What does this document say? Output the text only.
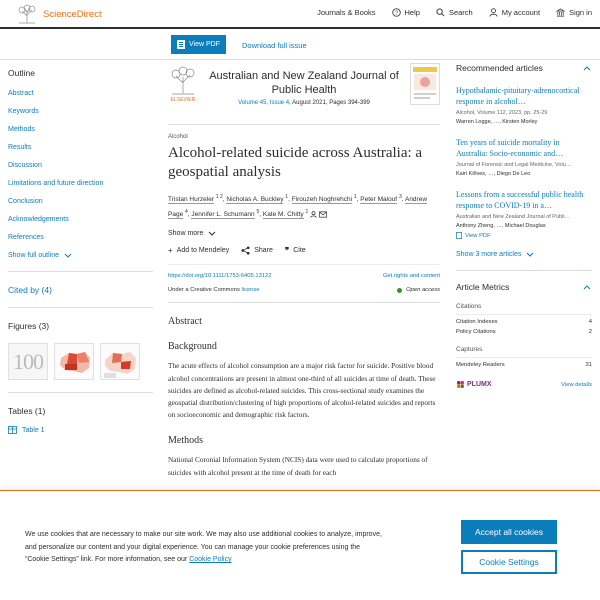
ScienceDirect	Journals & Books	? Help	Search	My account	Sign in
View PDF	Download full issue
Outline
Abstract
Keywords
Methods
Results
Discussion
Limitations and future direction
Conclusion
Acknowledgements
References
Show full outline
Cited by (4)
Figures (3)
100
Tables (1)
Table 1
ELSEVIER
Australian and New Zealand Journal of Public Health
Volume 45, Issue 4, August 2021, Pages 394-399
Alcohol
Alcohol-related suicide across Australia: a geospatial analysis
Tristan Hurzeler $^{1 2}$, Nicholas A. Buckley $^1$, Firouzeh Noghrehchi $^1$, Peter Malouf $^3$, Andrew Page $^4$, Jennifer L. Schumann $^5$, Kate M. Chitty $^1$
Show more
+ Add to Mendeley	Share ❞ Cite
https://doi.org/10.1111/1753-6405.13122	Get rights and content
Under a Creative Commons license	Open access
Abstract
Background

The acute effects of alcohol consumption are a major risk factor for suicide. Positive blood alcohol concentrations are present in almost one-third of all suicides at time of death. These suicides are defined as alcohol-related suicides. This cross-sectional study examines the geospatial distribution/clustering of high proportions of alcohol-related suicides and reports on socioeconomic and demographic risk factors.

Methods

National Coronial Information System (NCIS) data were used to calculate proportions of suicides with alcohol present at the time of death for each

Recommended articles
Hypothalamic-pituitary-adrenocortical response in alcohol…
Alcohol, Volume 112, 2023, pp. 25-29
Warren Logge, …, Kirsten Morley
Ten years of suicide mortality in Australia: Socio-economic and…
Journal of Forensic and Legal Medicine, Volu…
Kairi Kõlves, …, Diego De Leo
Lessons from a successful public health response to COVID-19 in a…
Australian and New Zealand Journal of Publi…
Anthony Zheng, …, Michael Douglas
View PDF
Show 3 more articles
Article Metrics
Citations
Citation Indexes	4
Policy Citations	2
Captures
Mendeley Readers	31
PLUMX	View details
We use cookies that are necessary to make our site work. We may also use additional cookies to analyze, improve, and personalize our content and your digital experience. You can manage your cookie preferences using the “Cookie Settings” link. For more information, see our Cookie Policy
Accept all cookies
Cookie Settings
